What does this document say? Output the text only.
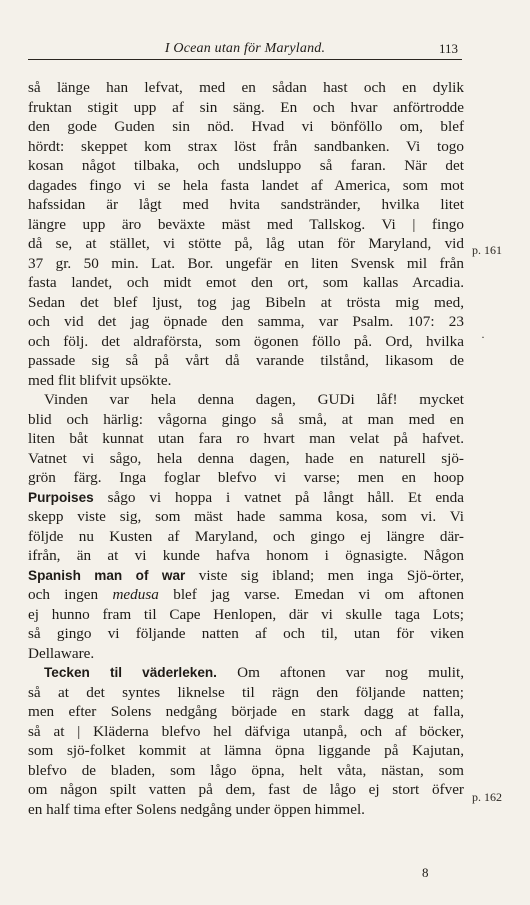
I Ocean utan för Maryland.	113
så länge han lefvat, med en sådan hast och en dylik
fruktan stigit upp af sin säng. En och hvar anförtrodde
den gode Guden sin nöd. Hvad vi bönföllo om, blef
hördt: skeppet kom strax löst från sandbanken. Vi togo
kosan något tilbaka, och undsluppo så faran. När det
dagades fingo vi se hela fasta landet af America, som mot
hafssidan är lågt med hvita sandstränder, hvilka litet
längre upp äro beväxte mäst med Tallskog. Vi | fingo
då se, at stället, vi stötte på, låg utan för Maryland, vid
37 gr. 50 min. Lat. Bor. ungefär en liten Svensk mil från
fasta landet, och midt emot den ort, som kallas Arcadia.
Sedan det blef ljust, tog jag Bibeln at trösta mig med,
och vid det jag öpnade den samma, var Psalm. 107: 23
och följ. det aldraförsta, som ögonen föllo på. Ord, hvilka
passade sig så på vårt då varande tilstånd, likasom de
med flit blifvit upsökte.
Vinden var hela denna dagen, GUDi låf! mycket
blid och härlig: vågorna gingo så små, at man med en
liten båt kunnat utan fara ro hvart man velat på hafvet.
Vatnet vi sågo, hela denna dagen, hade en naturell sjö-
grön färg. Inga foglar blefvo vi varse; men en hoop
Purpoises sågo vi hoppa i vatnet på långt håll. Et enda
skepp viste sig, som mäst hade samma kosa, som vi. Vi
följde nu Kusten af Maryland, och gingo ej längre där-
ifrån, än at vi kunde hafva honom i ögnasigte. Någon
Spanish man of war viste sig ibland; men inga Sjö-örter,
och ingen medusa blef jag varse. Emedan vi om aftonen
ej hunno fram til Cape Henlopen, där vi skulle taga Lots;
så gingo vi följande natten af och til, utan för viken
Dellaware.
Tecken til väderleken. Om aftonen var nog mulit,
så at det syntes liknelse til rägn den följande natten;
men efter Solens nedgång började en stark dagg at falla,
så at | Kläderna blefvo hel däfviga utanpå, och af böcker,
som sjö-folket kommit at lämna öpna liggande på Kajutan,
blefvo de bladen, som lågo öpna, helt våta, nästan, som
om någon spilt vatten på dem, fast de lågo ej stort öfver
en half tima efter Solens nedgång under öppen himmel.
p. 161
·
p. 162
8
